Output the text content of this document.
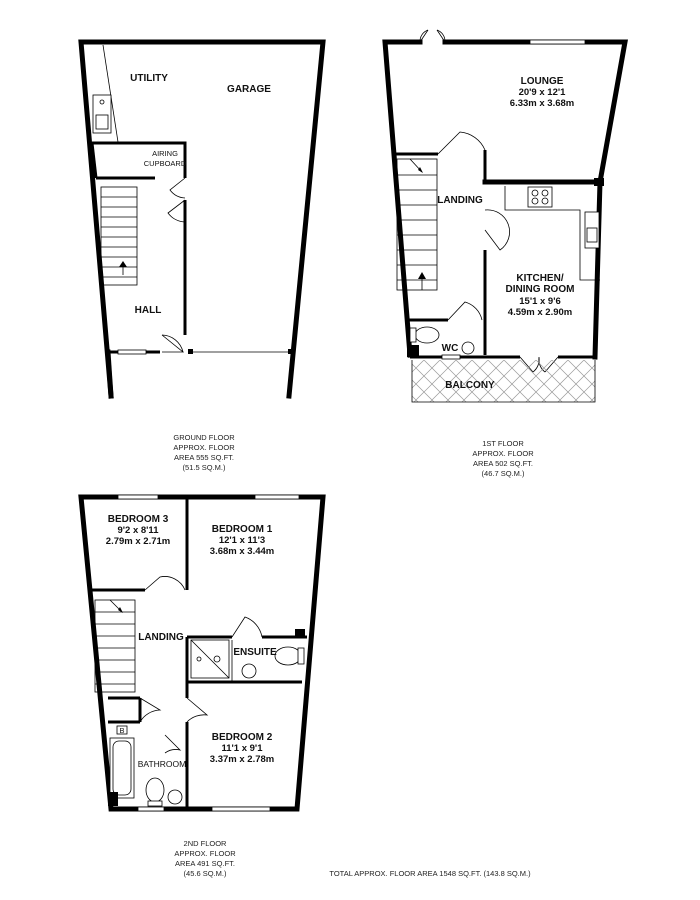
UTILITY
GARAGE
AIRING
CUPBOARD
HALL
GROUND FLOOR
APPROX. FLOOR
AREA 555 SQ.FT.
(51.5 SQ.M.)
LOUNGE
20'9 x 12'1
6.33m x 3.68m
LANDING
KITCHEN/
DINING ROOM
15'1 x 9'6
4.59m x 2.90m
WC
BALCONY
1ST FLOOR
APPROX. FLOOR
AREA 502 SQ.FT.
(46.7 SQ.M.)
BEDROOM 3
9'2 x 8'11
2.79m x 2.71m
BEDROOM 1
12'1 x 11'3
3.68m x 3.44m
LANDING
ENSUITE
BEDROOM 2
11'1 x 9'1
3.37m x 2.78m
BATHROOM
B
2ND FLOOR
APPROX. FLOOR
AREA 491 SQ.FT.
(45.6 SQ.M.)	TOTAL APPROX. FLOOR AREA 1548 SQ.FT. (143.8 SQ.M.)
